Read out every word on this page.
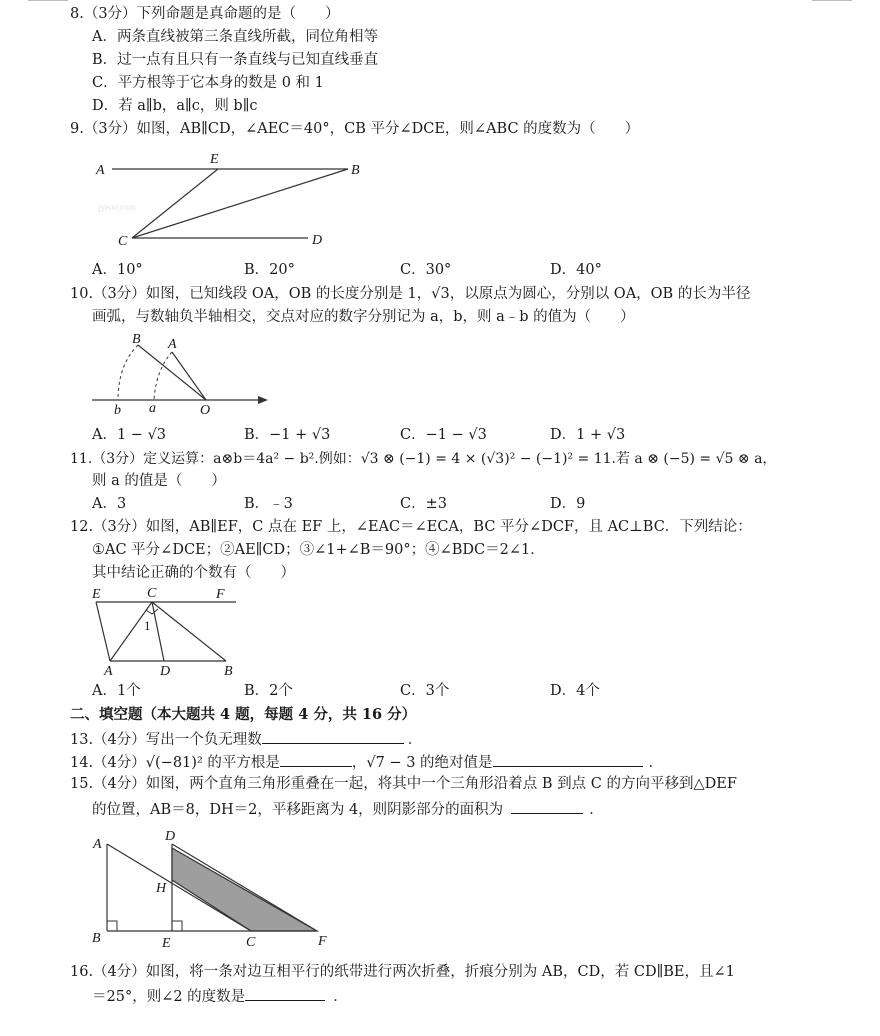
8.（3分）下列命题是真命题的是（　　）
A．两条直线被第三条直线所截，同位角相等
B．过一点有且只有一条直线与已知直线垂直
C．平方根等于它本身的数是 0 和 1
D．若 a∥b，a∥c，则 b∥c
9.（3分）如图，AB∥CD，∠AEC＝40°，CB 平分∠DCE，则∠ABC 的度数为（　　）
A
E
B
C	D
jyeoo.com
A．10°	B．20°	C．30°	D．40°
10.（3分）如图，已知线段 OA，OB 的长度分别是 1，√3，以原点为圆心，分别以 OA，OB 的长为半径
画弧，与数轴负半轴相交，交点对应的数字分别记为 a，b，则 a﹣b 的值为（　　）
B A
b a	O
A．1 − √3	B．−1 + √3	C．−1 − √3	D．1 + √3
11.（3分）定义运算：a⊗b＝4a² − b².例如：√3 ⊗ (−1) = 4 × (√3)² − (−1)² = 11.若 a ⊗ (−5) = √5 ⊗ a，
则 a 的值是（　　）
A．3	B．﹣3	C．±3	D．9
12.（3分）如图，AB∥EF，C 点在 EF 上，∠EAC＝∠ECA，BC 平分∠DCF，且 AC⊥BC．下列结论：
①AC 平分∠DCE；②AE∥CD；③∠1+∠B＝90°；④∠BDC＝2∠1．
其中结论正确的个数有（　　）
E	C	F
1
A	D	B
A．1个	B．2个	C．3个	D．4个
二、填空题（本大题共 4 题，每题 4 分，共 16 分）
13.（4分）写出一个负无理数	．
14.（4分）√(−81)² 的平方根是	，√7 − 3 的绝对值是	．
15.（4分）如图，两个直角三角形重叠在一起，将其中一个三角形沿着点 B 到点 C 的方向平移到△DEF
的位置，AB＝8，DH＝2，平移距离为 4，则阴影部分的面积为	．
D
A
H
B	E	C	F
16.（4分）如图，将一条对边互相平行的纸带进行两次折叠，折痕分别为 AB，CD，若 CD∥BE，且∠1
＝25°，则∠2 的度数是	．
